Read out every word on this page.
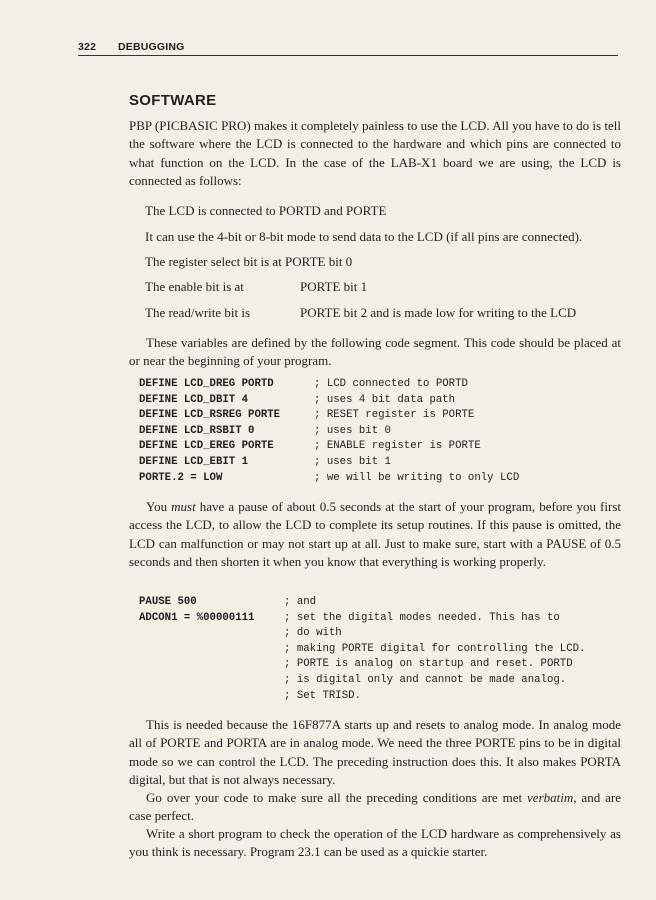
322 DEBUGGING
SOFTWARE

PBP (PICBASIC PRO) makes it completely painless to use the LCD. All you have to do is tell the software where the LCD is connected to the hardware and which pins are connected to what function on the LCD. In the case of the LAB-X1 board we are using, the LCD is connected as follows:

The LCD is connected to PORTD and PORTE
It can use the 4-bit or 8-bit mode to send data to the LCD (if all pins are connected).
The register select bit is at PORTE bit 0
The enable bit is at	PORTE bit 1
The read/write bit is	PORTE bit 2 and is made low for writing to the LCD

These variables are defined by the following code segment. This code should be placed at or near the beginning of your program.

DEFINE LCD_DREG PORTD	; LCD connected to PORTD
DEFINE LCD_DBIT 4	; uses 4 bit data path
DEFINE LCD_RSREG PORTE	; RESET register is PORTE
DEFINE LCD_RSBIT 0	; uses bit 0
DEFINE LCD_EREG PORTE	; ENABLE register is PORTE
DEFINE LCD_EBIT 1	; uses bit 1
PORTE.2 = LOW	; we will be writing to only LCD

You must have a pause of about 0.5 seconds at the start of your program, before you first access the LCD, to allow the LCD to complete its setup routines. If this pause is omitted, the LCD can malfunction or may not start up at all. Just to make sure, start with a PAUSE of 0.5 seconds and then shorten it when you know that everything is working properly.

PAUSE 500	; and
ADCON1 = %00000111	; set the digital modes needed. This has to
; do with
; making PORTE digital for controlling the LCD.
; PORTE is analog on startup and reset. PORTD
; is digital only and cannot be made analog.
; Set TRISD.

This is needed because the 16F877A starts up and resets to analog mode. In analog mode all of PORTE and PORTA are in analog mode. We need the three PORTE pins to be in digital mode so we can control the LCD. The preceding instruction does this. It also makes PORTA digital, but that is not always necessary.

Go over your code to make sure all the preceding conditions are met verbatim, and are case perfect.

Write a short program to check the operation of the LCD hardware as comprehensively as you think is necessary. Program 23.1 can be used as a quickie starter.
